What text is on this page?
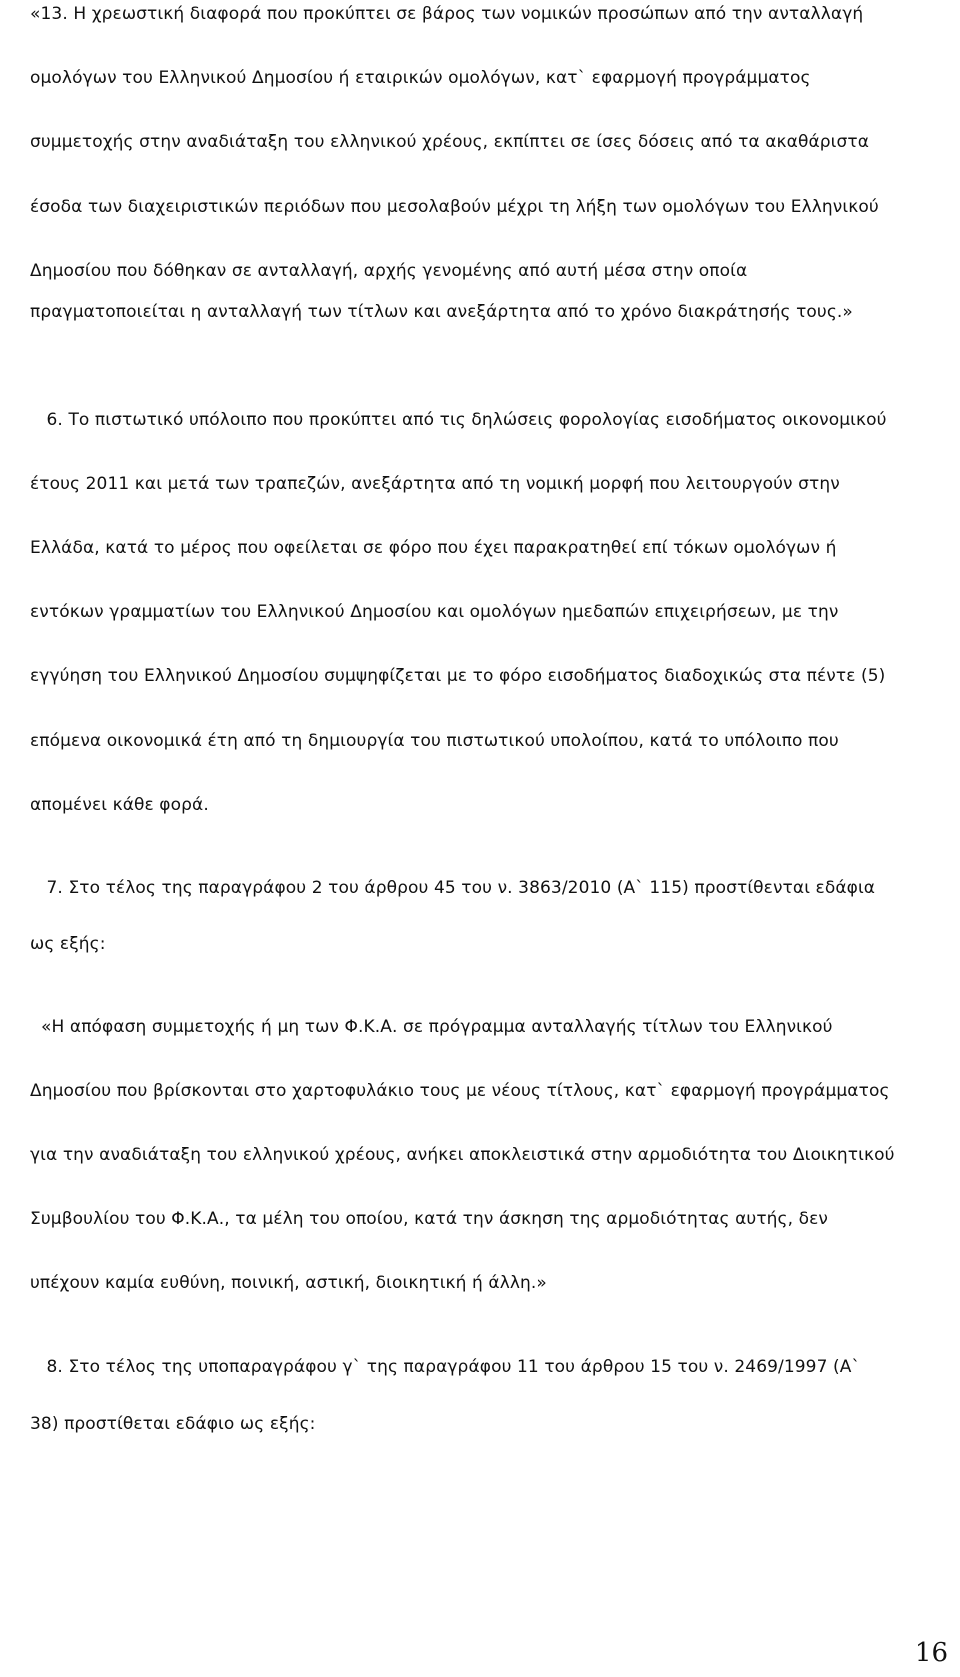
«13. Η χρεωστική διαφορά που προκύπτει σε βάρος των νομικών προσώπων από την ανταλλαγή
ομολόγων του Ελληνικού Δημοσίου ή εταιρικών ομολόγων, κατ` εφαρμογή προγράμματος
συμμετοχής στην αναδιάταξη του ελληνικού χρέους, εκπίπτει σε ίσες δόσεις από τα ακαθάριστα
έσοδα των διαχειριστικών περιόδων που μεσολαβούν μέχρι τη λήξη των ομολόγων του Ελληνικού
Δημοσίου που δόθηκαν σε ανταλλαγή, αρχής γενομένης από αυτή μέσα στην οποία
πραγματοποιείται η ανταλλαγή των τίτλων και ανεξάρτητα από το χρόνο διακράτησής τους.»
6. Το πιστωτικό υπόλοιπο που προκύπτει από τις δηλώσεις φορολογίας εισοδήματος οικονομικού
έτους 2011 και μετά των τραπεζών, ανεξάρτητα από τη νομική μορφή που λειτουργούν στην
Ελλάδα, κατά το μέρος που οφείλεται σε φόρο που έχει παρακρατηθεί επί τόκων ομολόγων ή
εντόκων γραμματίων του Ελληνικού Δημοσίου και ομολόγων ημεδαπών επιχειρήσεων, με την
εγγύηση του Ελληνικού Δημοσίου συμψηφίζεται με το φόρο εισοδήματος διαδοχικώς στα πέντε (5)
επόμενα οικονομικά έτη από τη δημιουργία του πιστωτικού υπολοίπου, κατά το υπόλοιπο που
απομένει κάθε φορά.
7. Στο τέλος της παραγράφου 2 του άρθρου 45 του ν. 3863/2010 (Α` 115) προστίθενται εδάφια
ως εξής:
«Η απόφαση συμμετοχής ή μη των Φ.Κ.Α. σε πρόγραμμα ανταλλαγής τίτλων του Ελληνικού
Δημοσίου που βρίσκονται στο χαρτοφυλάκιο τους με νέους τίτλους, κατ` εφαρμογή προγράμματος
για την αναδιάταξη του ελληνικού χρέους, ανήκει αποκλειστικά στην αρμοδιότητα του Διοικητικού
Συμβουλίου του Φ.Κ.Α., τα μέλη του οποίου, κατά την άσκηση της αρμοδιότητας αυτής, δεν
υπέχουν καμία ευθύνη, ποινική, αστική, διοικητική ή άλλη.»
8. Στο τέλος της υποπαραγράφου γ` της παραγράφου 11 του άρθρου 15 του ν. 2469/1997 (Α`
38) προστίθεται εδάφιο ως εξής:
16
